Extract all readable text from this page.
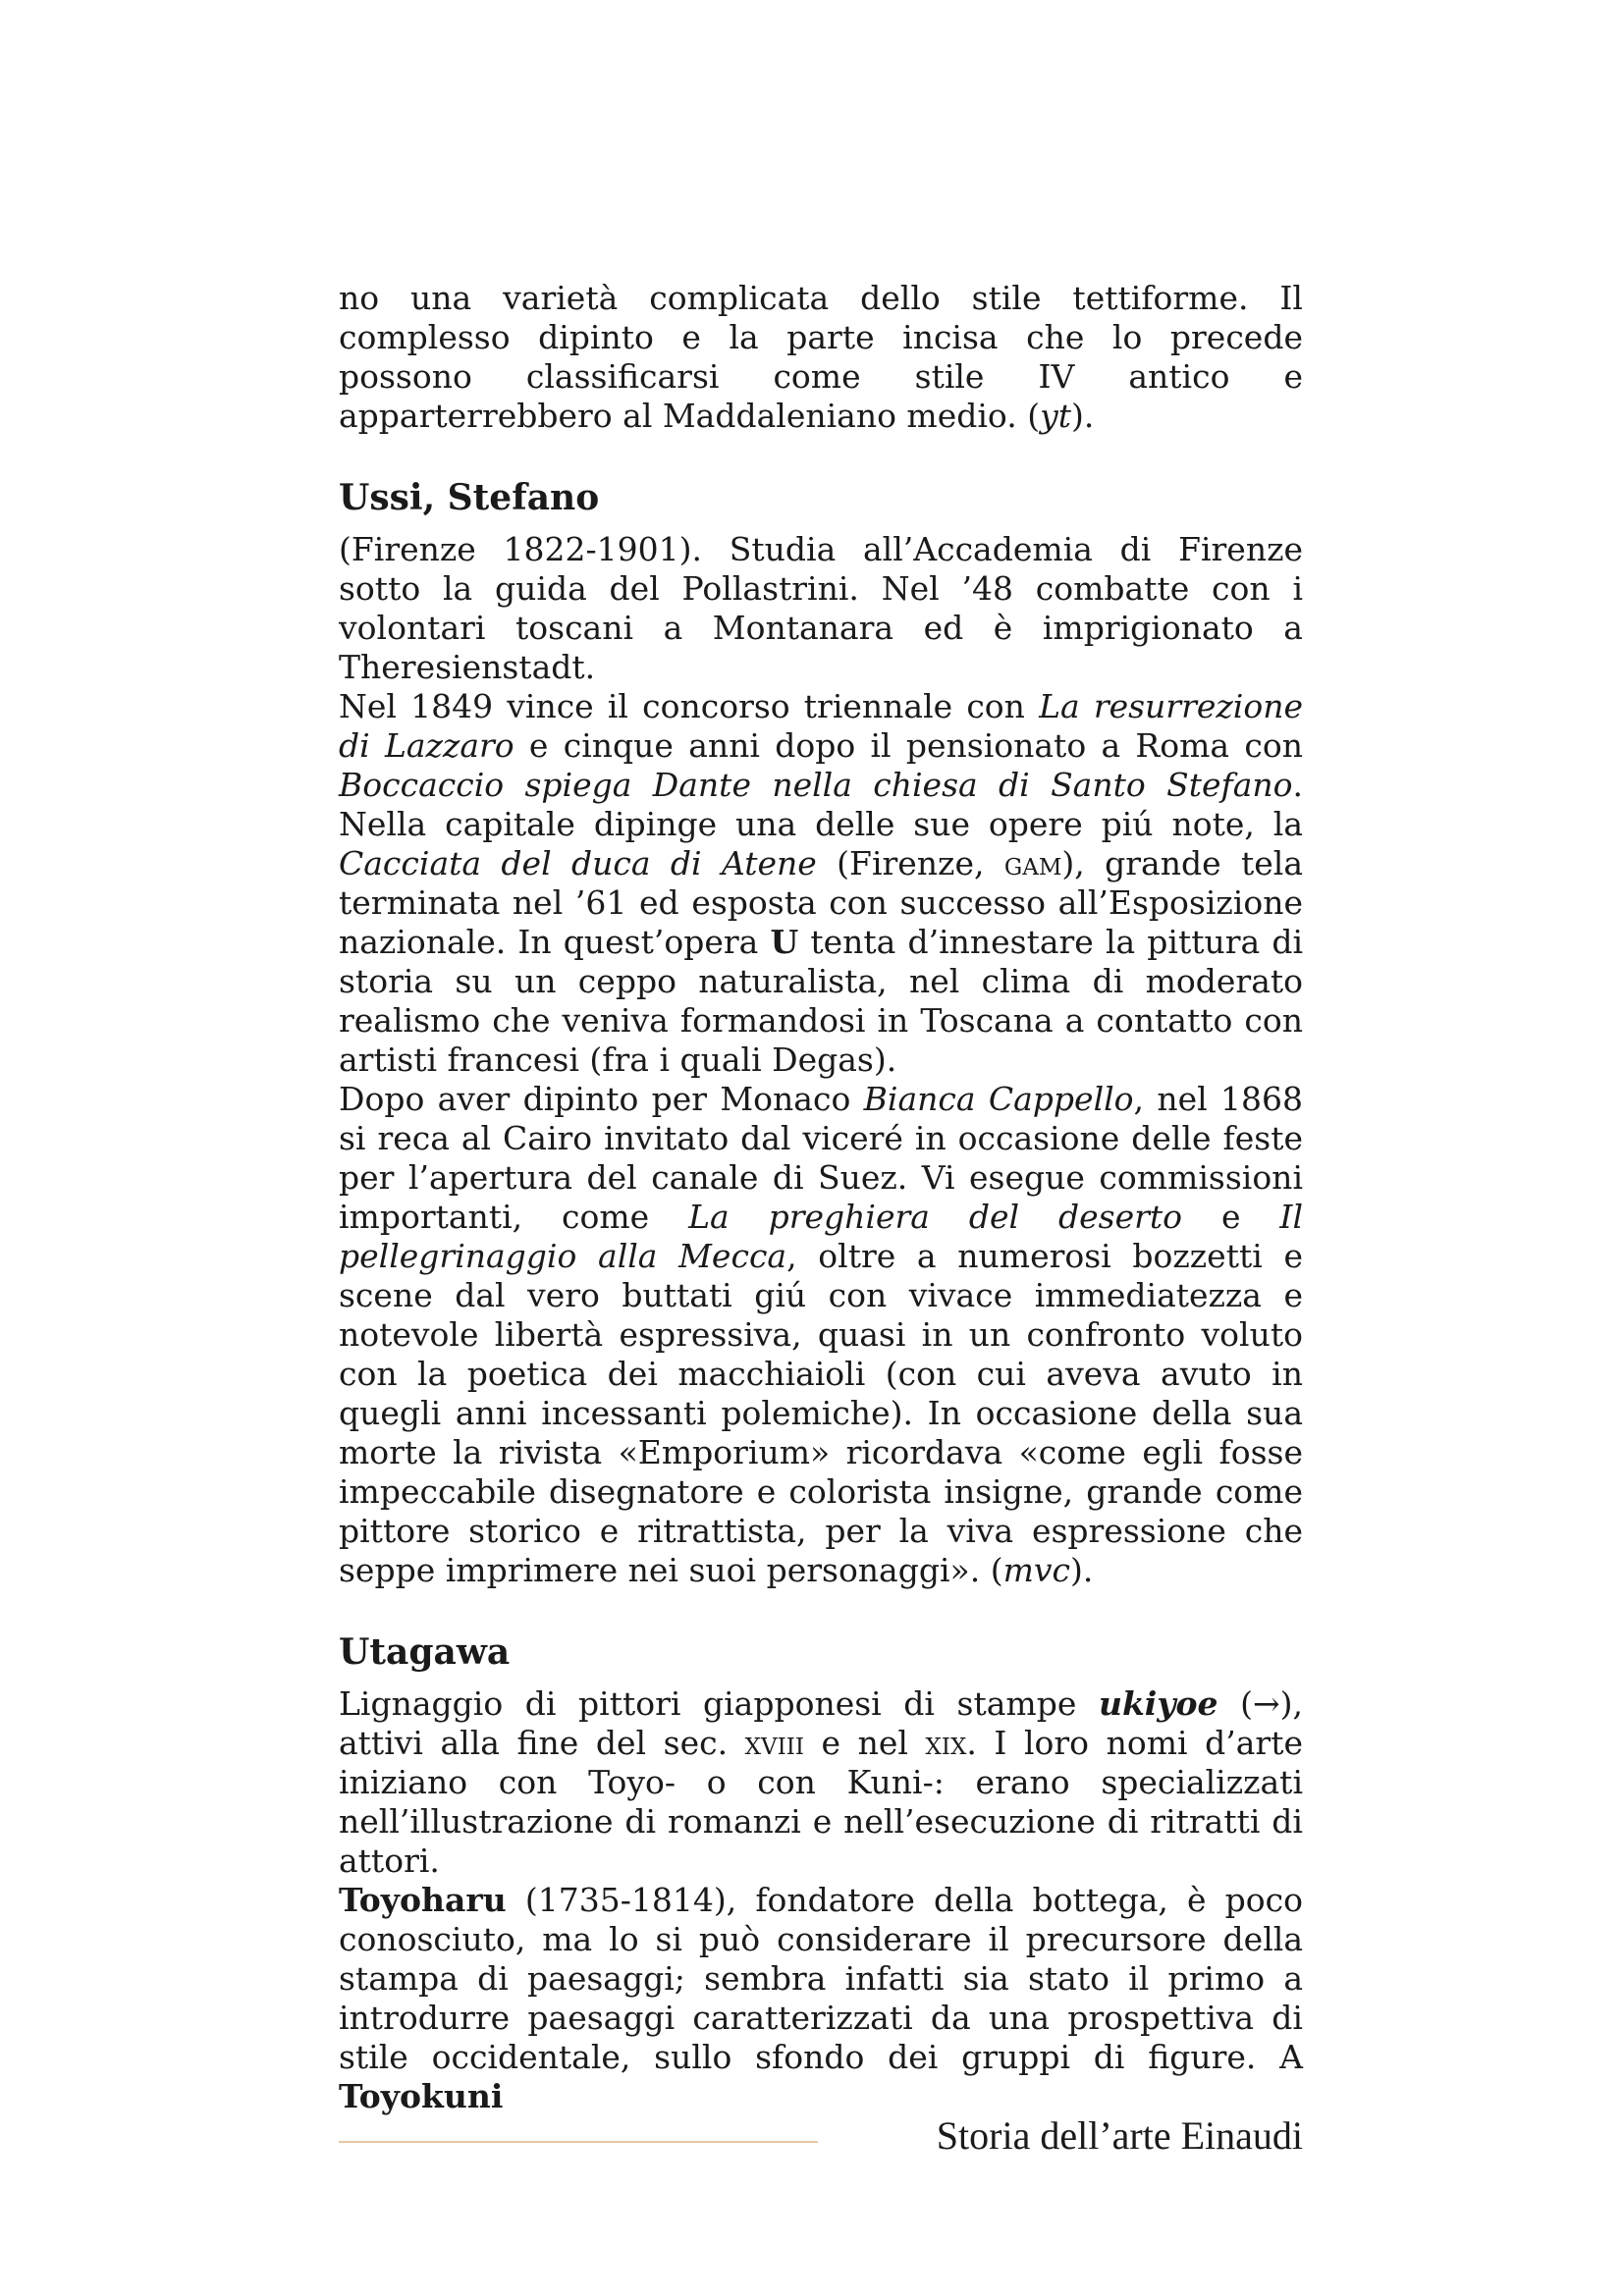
no una varietà complicata dello stile tettiforme. Il complesso dipinto e la parte incisa che lo precede possono classificarsi come stile IV antico e apparterrebbero al Maddaleniano medio. (yt).

Ussi, Stefano

(Firenze 1822-1901). Studia all’Accademia di Firenze sotto la guida del Pollastrini. Nel ’48 combatte con i volontari toscani a Montanara ed è imprigionato a Theresienstadt.

Nel 1849 vince il concorso triennale con La resurrezione di Lazzaro e cinque anni dopo il pensionato a Roma con Boccaccio spiega Dante nella chiesa di Santo Stefano. Nella capitale dipinge una delle sue opere piú note, la Cacciata del duca di Atene (Firenze, gam), grande tela terminata nel ’61 ed esposta con successo all’Esposizione nazionale. In quest’opera U tenta d’innestare la pittura di storia su un ceppo naturalista, nel clima di moderato realismo che veniva formandosi in Toscana a contatto con artisti francesi (fra i quali Degas).

Dopo aver dipinto per Monaco Bianca Cappello, nel 1868 si reca al Cairo invitato dal viceré in occasione delle feste per l’apertura del canale di Suez. Vi esegue commissioni importanti, come La preghiera del deserto e Il pellegrinaggio alla Mecca, oltre a numerosi bozzetti e scene dal vero buttati giú con vivace immediatezza e notevole libertà espressiva, quasi in un confronto voluto con la poetica dei macchiaioli (con cui aveva avuto in quegli anni incessanti polemiche). In occasione della sua morte la rivista «Emporium» ricordava «come egli fosse impeccabile disegnatore e colorista insigne, grande come pittore storico e ritrattista, per la viva espressione che seppe imprimere nei suoi personaggi». (mvc).

Utagawa

Lignaggio di pittori giapponesi di stampe ukiyoe (→), attivi alla fine del sec. xviii e nel xix. I loro nomi d’arte iniziano con Toyo- o con Kuni-: erano specializzati nell’illustrazione di romanzi e nell’esecuzione di ritratti di attori.

Toyoharu (1735-1814), fondatore della bottega, è poco conosciuto, ma lo si può considerare il precursore della stampa di paesaggi; sembra infatti sia stato il primo a introdurre paesaggi caratterizzati da una prospettiva di stile occidentale, sullo sfondo dei gruppi di figure. A Toyokuni

Storia dell’arte Einaudi
